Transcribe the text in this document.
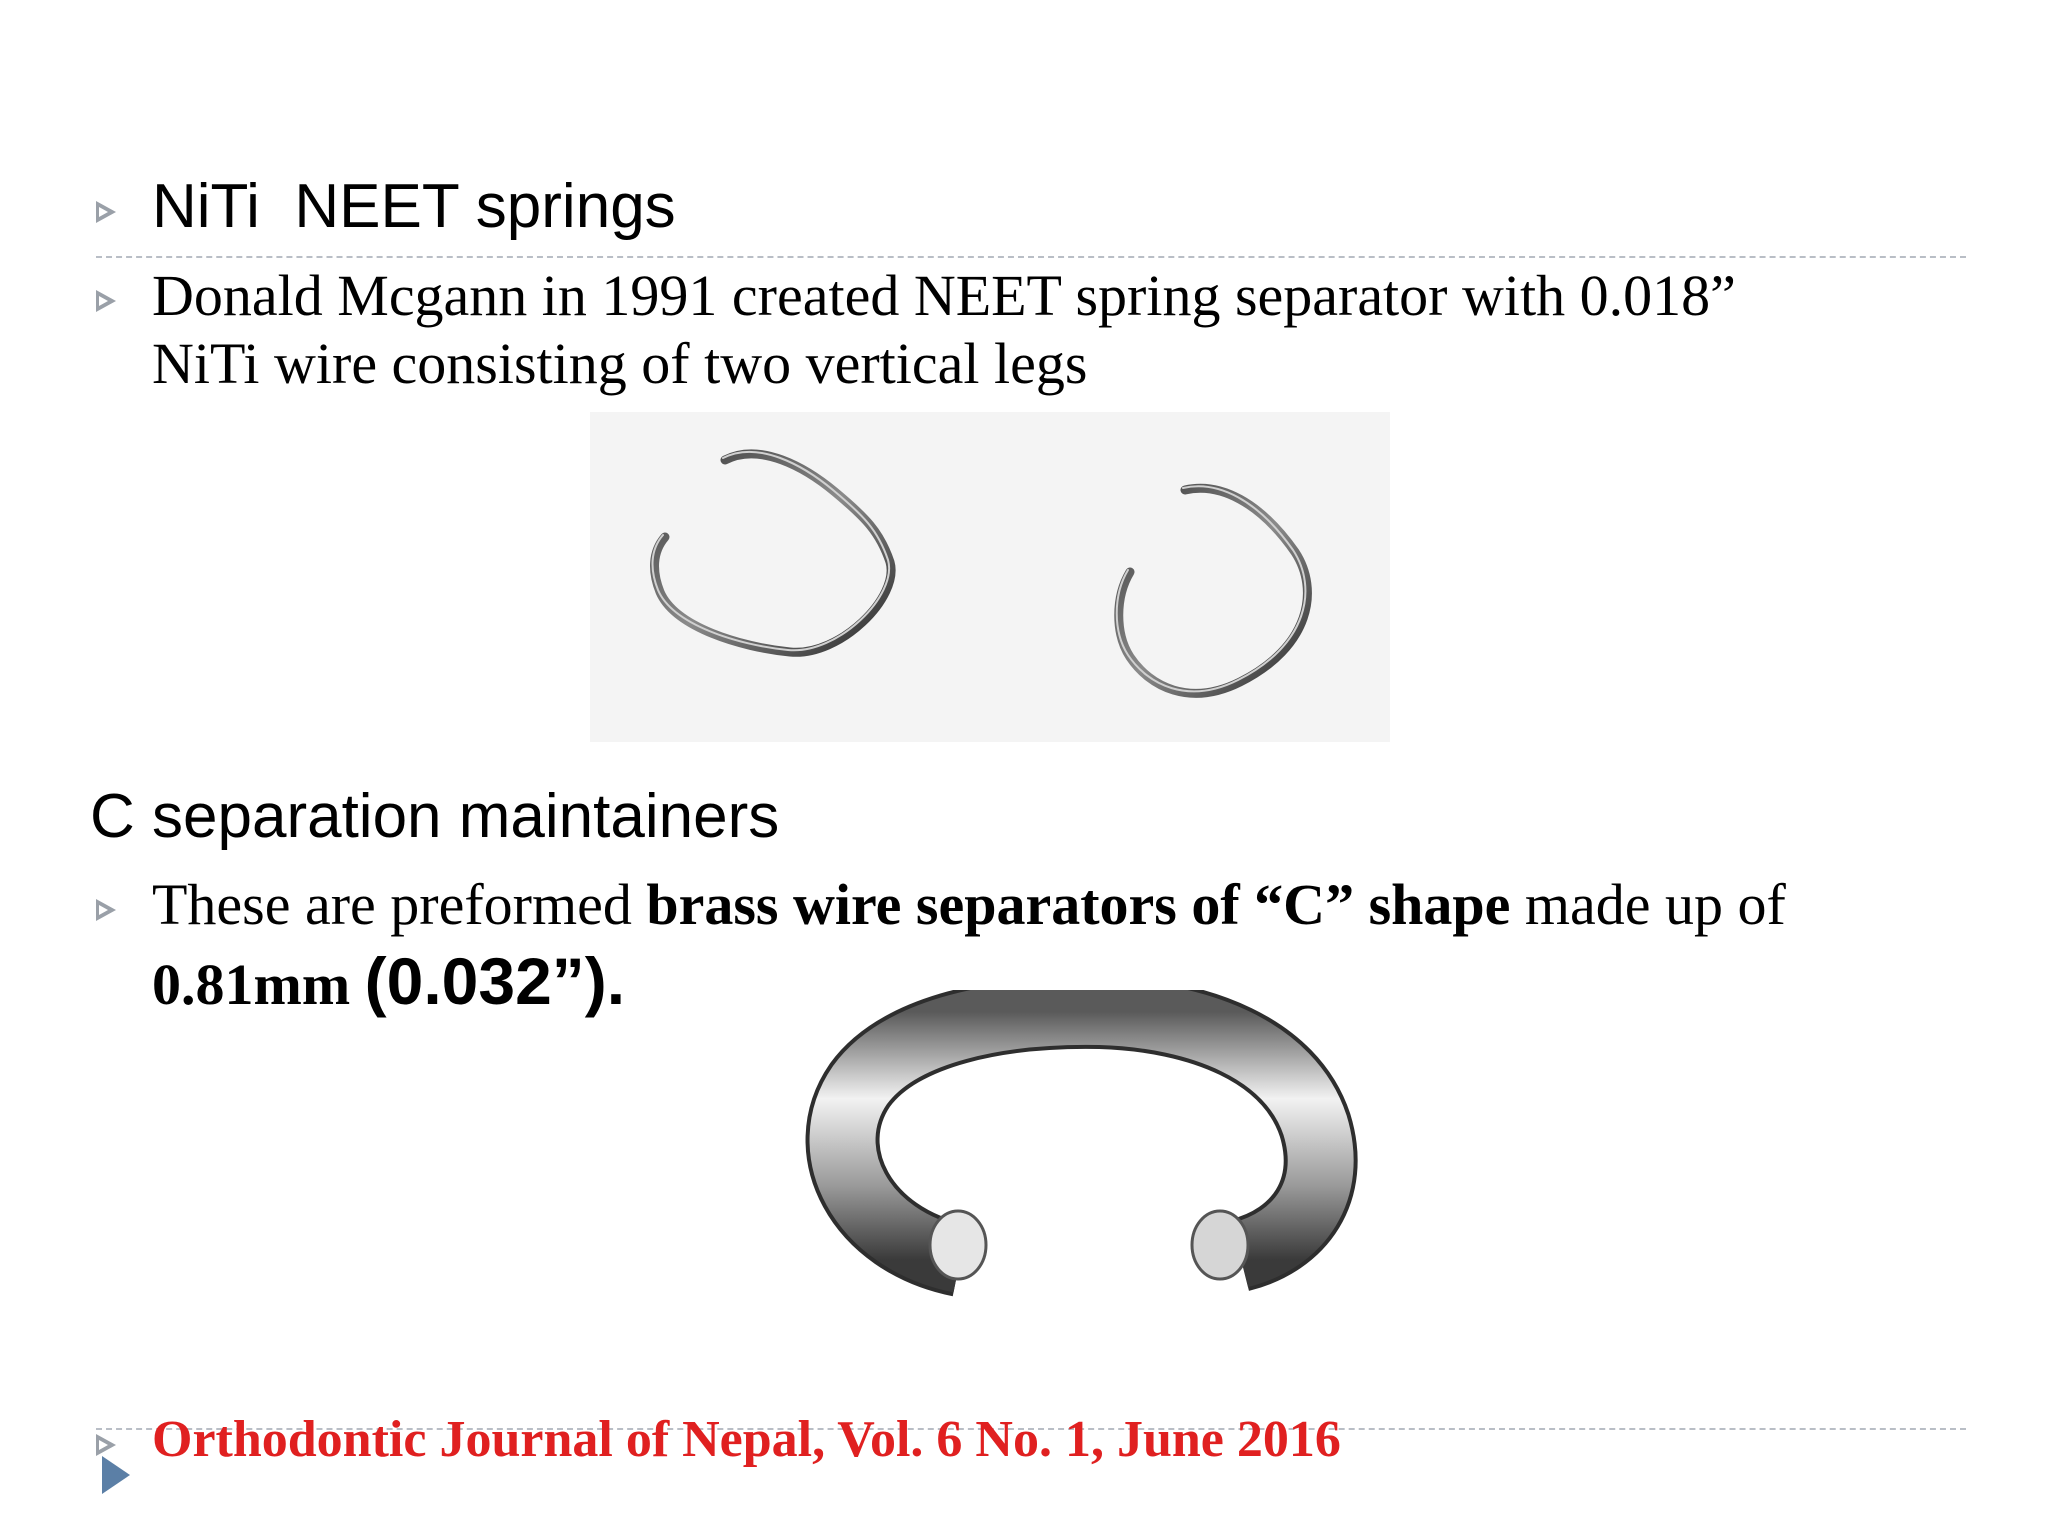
NiTi  NEET springs
Donald Mcgann in 1991 created NEET spring separator with 0.018”
NiTi wire consisting of two vertical legs
C separation maintainers
These are preformed brass wire separators of “C” shape made up of
0.81mm (0.032”).
Orthodontic Journal of Nepal, Vol. 6 No. 1, June 2016
